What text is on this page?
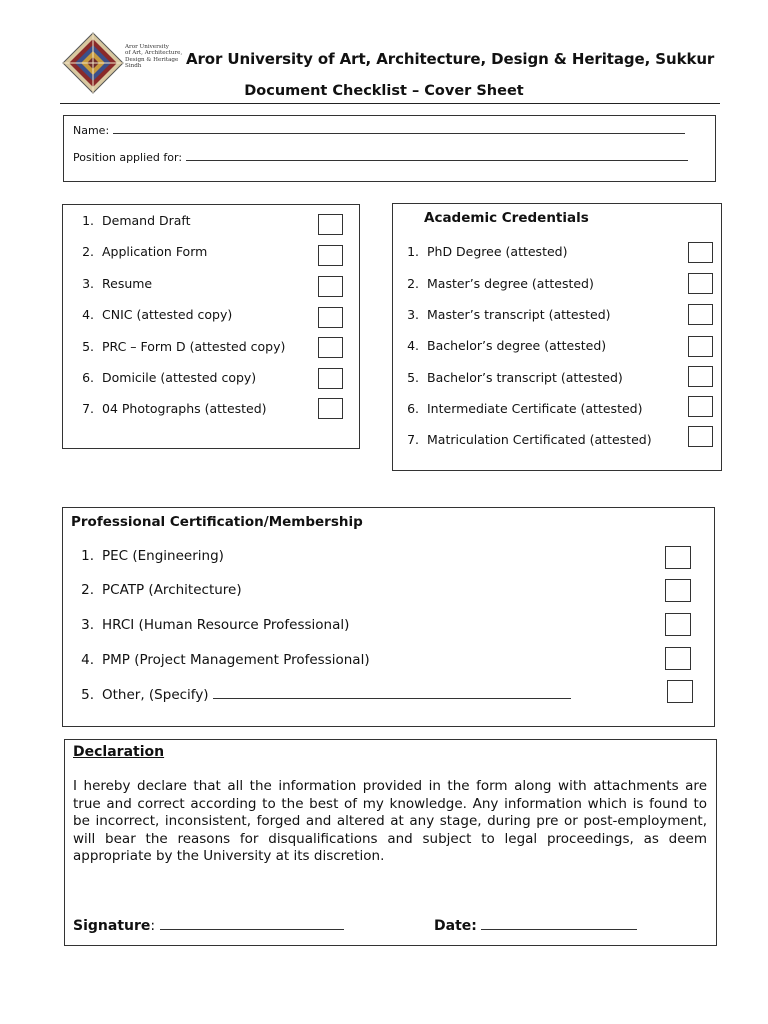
Aror University
of Art, Architecture,
Design & Heritage
Sindh	Aror University of Art, Architecture, Design & Heritage, Sukkur
Document Checklist – Cover Sheet
Name:
Position applied for:
1. Demand Draft
2. Application Form
3. Resume
4. CNIC (attested copy)
5. PRC – Form D (attested copy)
6. Domicile (attested copy)
7. 04 Photographs (attested)
Academic Credentials
1. PhD Degree (attested)
2. Master’s degree (attested)
3. Master’s transcript (attested)
4. Bachelor’s degree (attested)
5. Bachelor’s transcript (attested)
6. Intermediate Certificate (attested)
7. Matriculation Certificated (attested)
Professional Certification/Membership
1. PEC (Engineering)
2. PCATP (Architecture)
3. HRCI (Human Resource Professional)
4. PMP (Project Management Professional)
5. Other, (Specify)
Declaration
I hereby declare that all the information provided in the form along with attachments are true and correct according to the best of my knowledge. Any information which is found to be incorrect, inconsistent, forged and altered at any stage, during pre or post-employment, will bear the reasons for disqualifications and subject to legal proceedings, as deem appropriate by the University at its discretion.
Signature:	Date:
